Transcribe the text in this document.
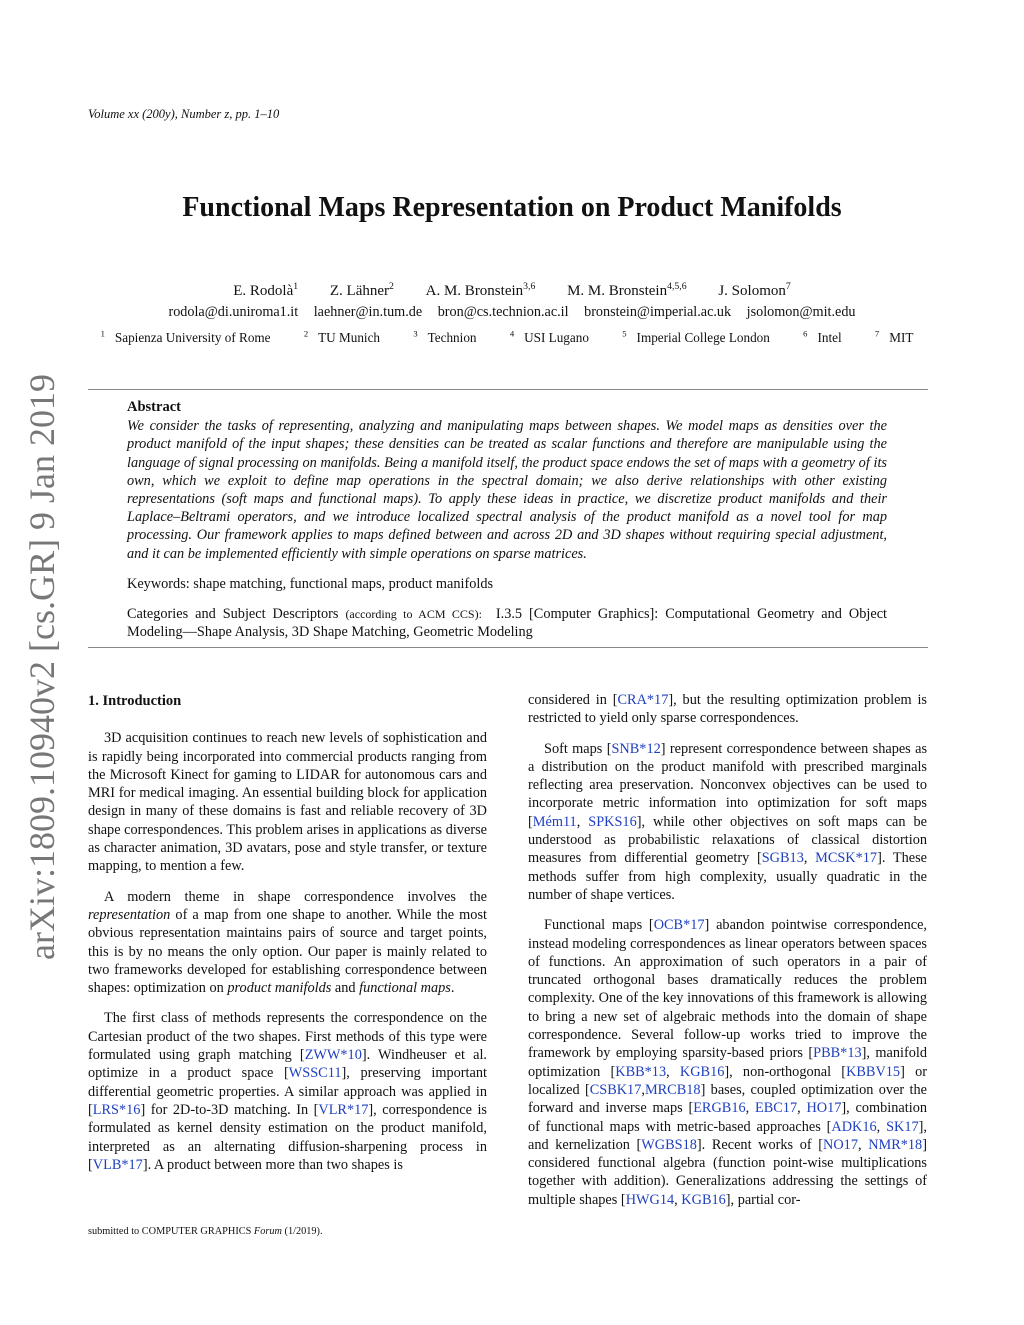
Volume xx (200y), Number z, pp. 1–10
Functional Maps Representation on Product Manifolds
E. Rodolà$^1$ Z. Lähner$^2$ A. M. Bronstein$^{3,6}$ M. M. Bronstein$^{4,5,6}$ J. Solomon$^7$
rodola@di.uniroma1.it laehner@in.tum.de bron@cs.technion.ac.il bronstein@imperial.ac.uk jsolomon@mit.edu
$^1$ Sapienza University of Rome	$^2$ TU Munich	$^3$ Technion	$^4$ USI Lugano	$^5$ Imperial College London	$^6$ Intel	$^7$ MIT
Abstract
We consider the tasks of representing, analyzing and manipulating maps between shapes. We model maps as densities over the product manifold of the input shapes; these densities can be treated as scalar functions and therefore are manipulable using the language of signal processing on manifolds. Being a manifold itself, the product space endows the set of maps with a geometry of its own, which we exploit to define map operations in the spectral domain; we also derive relationships with other existing representations (soft maps and functional maps). To apply these ideas in practice, we discretize product manifolds and their Laplace–Beltrami operators, and we introduce localized spectral analysis of the product manifold as a novel tool for map processing. Our framework applies to maps defined between and across 2D and 3D shapes without requiring special adjustment, and it can be implemented efficiently with simple operations on sparse matrices.
Keywords: shape matching, functional maps, product manifolds
Categories and Subject Descriptors (according to ACM CCS): I.3.5 [Computer Graphics]: Computational Geometry and Object Modeling—Shape Analysis, 3D Shape Matching, Geometric Modeling
arXiv:1809.10940v2 [cs.GR] 9 Jan 2019 1. Introduction

3D acquisition continues to reach new levels of sophistication and is rapidly being incorporated into commercial products ranging from the Microsoft Kinect for gaming to LIDAR for autonomous cars and MRI for medical imaging. An essential building block for application design in many of these domains is fast and reliable recovery of 3D shape correspondences. This problem arises in applications as diverse as character animation, 3D avatars, pose and style transfer, or texture mapping, to mention a few.

A modern theme in shape correspondence involves the representation of a map from one shape to another. While the most obvious representation maintains pairs of source and target points, this is by no means the only option. Our paper is mainly related to two frameworks developed for establishing correspondence between shapes: optimization on product manifolds and functional maps.

The first class of methods represents the correspondence on the Cartesian product of the two shapes. First methods of this type were formulated using graph matching [ZWW*10]. Windheuser et al. optimize in a product space [WSSC11], preserving important differential geometric properties. A similar approach was applied in [LRS*16] for 2D-to-3D matching. In [VLR*17], correspondence is formulated as kernel density estimation on the product manifold, interpreted as an alternating diffusion-sharpening process in [VLB*17]. A product between more than two shapes is

considered in [CRA*17], but the resulting optimization problem is restricted to yield only sparse correspondences.

Soft maps [SNB*12] represent correspondence between shapes as a distribution on the product manifold with prescribed marginals reflecting area preservation. Nonconvex objectives can be used to incorporate metric information into optimization for soft maps [Mém11, SPKS16], while other objectives on soft maps can be understood as probabilistic relaxations of classical distortion measures from differential geometry [SGB13, MCSK*17]. These methods suffer from high complexity, usually quadratic in the number of shape vertices.

Functional maps [OCB*17] abandon pointwise correspondence, instead modeling correspondences as linear operators between spaces of functions. An approximation of such operators in a pair of truncated orthogonal bases dramatically reduces the problem complexity. One of the key innovations of this framework is allowing to bring a new set of algebraic methods into the domain of shape correspondence. Several follow-up works tried to improve the framework by employing sparsity-based priors [PBB*13], manifold optimization [KBB*13, KGB16], non-orthogonal [KBBV15] or localized [CSBK17,MRCB18] bases, coupled optimization over the forward and inverse maps [ERGB16, EBC17, HO17], combination of functional maps with metric-based approaches [ADK16, SK17], and kernelization [WGBS18]. Recent works of [NO17, NMR*18] considered functional algebra (function point-wise multiplications together with addition). Generalizations addressing the settings of multiple shapes [HWG14, KGB16], partial cor-

submitted to COMPUTER GRAPHICS Forum (1/2019).
